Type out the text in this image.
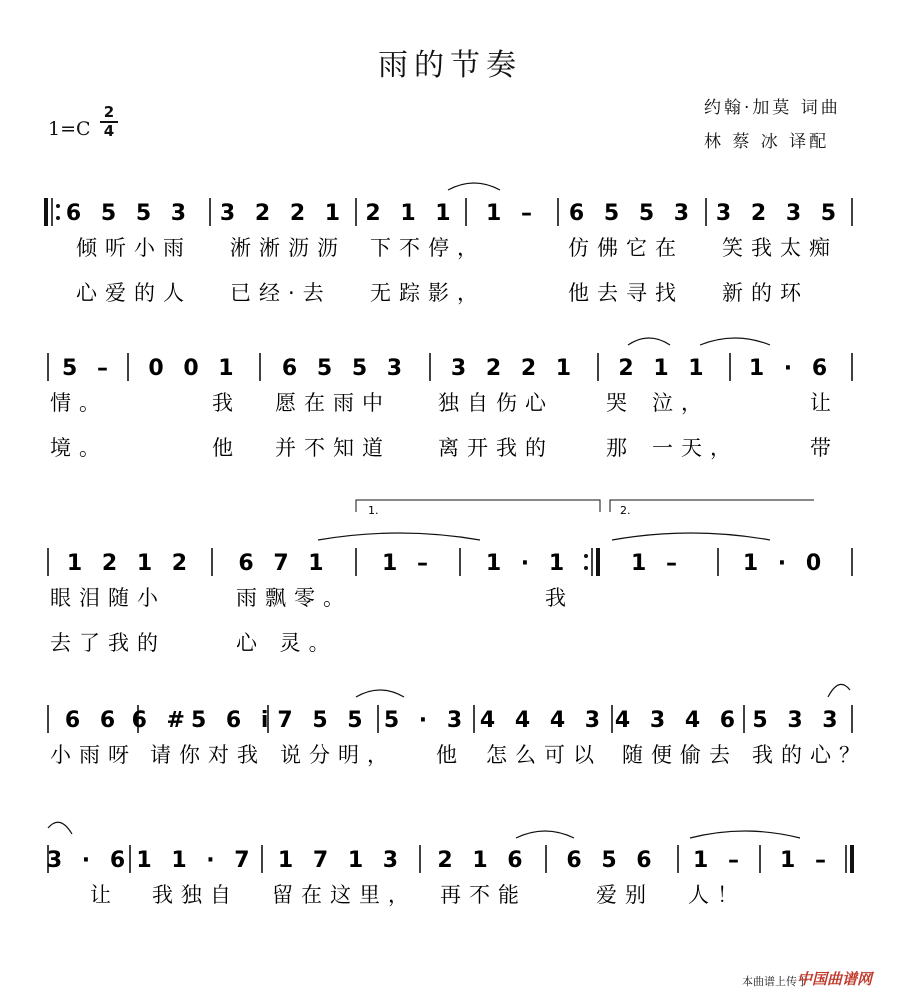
雨的节奏
1=C
2
4
约翰·加莫 词曲
林 蔡 冰 译配
6 5 5 3 3 2 2 1 2 1 1 1 – 6 5 5 3 3 2 3 5
倾听小雨 淅淅沥沥 下不停，	仿佛它在 笑我太痴
心爱的人 已经·去 无踪影，	他去寻找 新的环
5 – 0 0 1 6 5 5 3 3 2 2 1 2 1 1 1 · 6
情。	我 愿在雨中 独自伤心 哭 泣，	让
境。	他 并不知道 离开我的 那 一天，	带
1 2 1 2 6 7 1 1 – 1 · 1	1 –	1 · 0
1.	2.
眼泪随小	雨飘零。	我
去了我的	心 灵。
6 6 6 #5 6 i 7 5 5 5 · 3 4 4 4 3 4 3 4 6 5 3 3
小雨呀 请你对我 说分明， 他 怎么可以 随便偷去 我的心？
3 · 6 1 1 · 7 1 7 1 3 2 1 6 6 5 6 1 – 1 –
让 我独自 留在这里， 再不能	爱别 人！
本曲谱上传于
中国曲谱网
